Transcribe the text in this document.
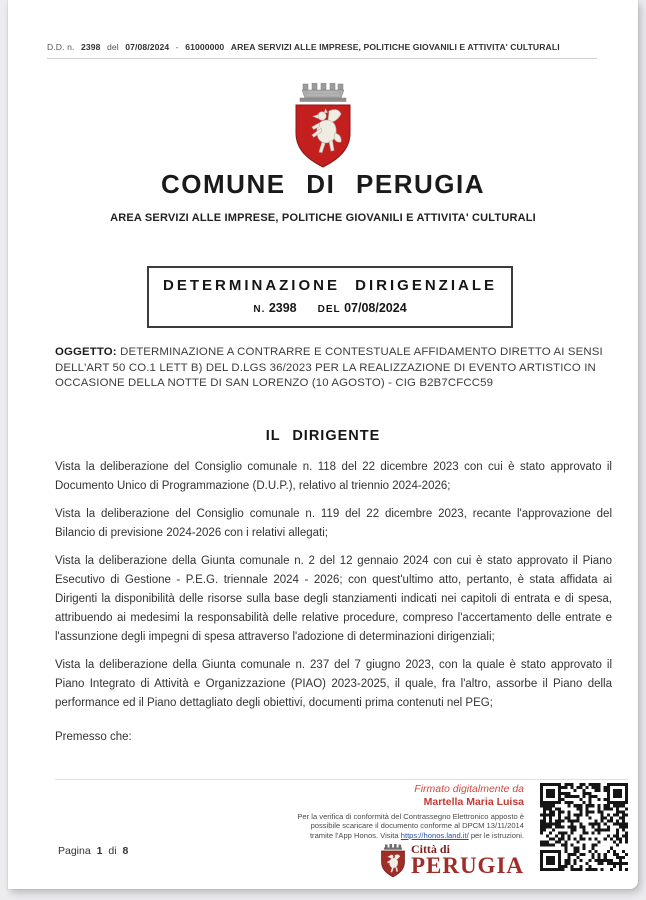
D.D. n. 2398 del 07/08/2024 - 61000000 AREA SERVIZI ALLE IMPRESE, POLITICHE GIOVANILI E ATTIVITA' CULTURALI
COMUNE DI PERUGIA
AREA SERVIZI ALLE IMPRESE, POLITICHE GIOVANILI E ATTIVITA' CULTURALI
DETERMINAZIONE DIRIGENZIALE
N. 2398 DEL 07/08/2024
OGGETTO: DETERMINAZIONE A CONTRARRE E CONTESTUALE AFFIDAMENTO DIRETTO AI SENSI DELL'ART 50 CO.1 LETT B) DEL D.LGS 36/2023 PER LA REALIZZAZIONE DI EVENTO ARTISTICO IN OCCASIONE DELLA NOTTE DI SAN LORENZO (10 AGOSTO) - CIG B2B7CFCC59
IL DIRIGENTE

Vista la deliberazione del Consiglio comunale n. 118 del 22 dicembre 2023 con cui è stato approvato il Documento Unico di Programmazione (D.U.P.), relativo al triennio 2024-2026;

Vista la deliberazione del Consiglio comunale n. 119 del 22 dicembre 2023, recante l'approvazione del Bilancio di previsione 2024-2026 con i relativi allegati;

Vista la deliberazione della Giunta comunale n. 2 del 12 gennaio 2024 con cui è stato approvato il Piano Esecutivo di Gestione - P.E.G. triennale 2024 - 2026; con quest'ultimo atto, pertanto, è stata affidata ai Dirigenti la disponibilità delle risorse sulla base degli stanziamenti indicati nei capitoli di entrata e di spesa, attribuendo ai medesimi la responsabilità delle relative procedure, compreso l'accertamento delle entrate e l'assunzione degli impegni di spesa attraverso l'adozione di determinazioni dirigenziali;

Vista la deliberazione della Giunta comunale n. 237 del 7 giugno 2023, con la quale è stato approvato il Piano Integrato di Attività e Organizzazione (PIAO) 2023-2025, il quale, fra l'altro, assorbe il Piano della performance ed il Piano dettagliato degli obiettivi, documenti prima contenuti nel PEG;

Premesso che:
Firmato digitalmente da
Martella Maria Luisa
Per la verifica di conformità del Contrassegno Elettronico apposto è possibile scaricare il documento conforme al DPCM 13/11/2014 tramite l'App Honos. Visita https://honos.land.it/ per le istruzioni.
Città di
PERUGIA
Pagina 1 di 8
